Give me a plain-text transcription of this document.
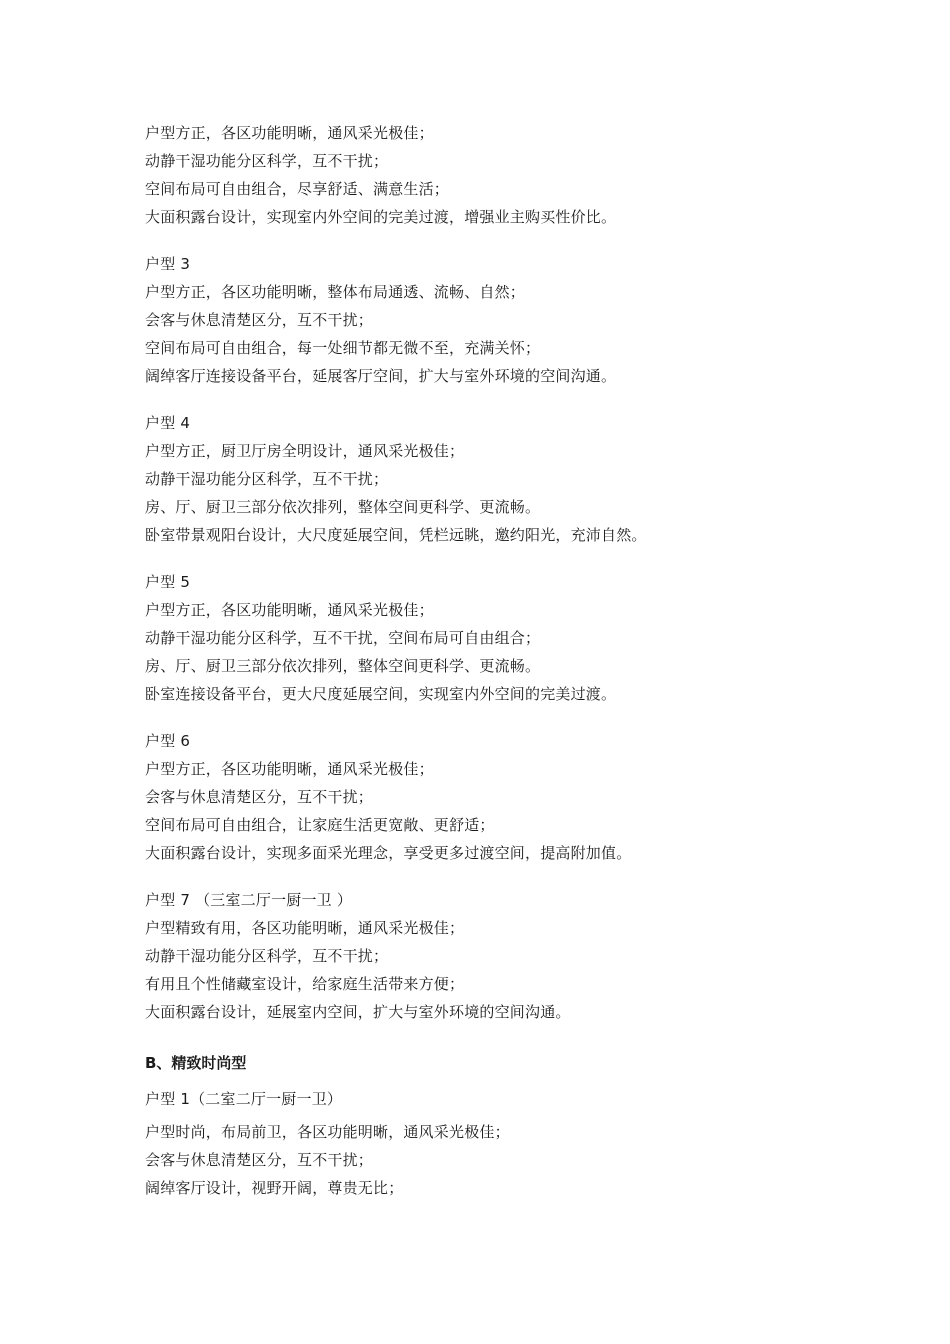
户型方正，各区功能明晰，通风采光极佳；
动静干湿功能分区科学，互不干扰；
空间布局可自由组合，尽享舒适、满意生活；
大面积露台设计，实现室内外空间的完美过渡，增强业主购买性价比。
户型 3
户型方正，各区功能明晰，整体布局通透、流畅、自然；
会客与休息清楚区分，互不干扰；
空间布局可自由组合，每一处细节都无微不至，充满关怀；
阔绰客厅连接设备平台，延展客厅空间，扩大与室外环境的空间沟通。
户型 4
户型方正，厨卫厅房全明设计，通风采光极佳；
动静干湿功能分区科学，互不干扰；
房、厅、厨卫三部分依次排列，整体空间更科学、更流畅。
卧室带景观阳台设计，大尺度延展空间，凭栏远眺，邀约阳光，充沛自然。
户型 5
户型方正，各区功能明晰，通风采光极佳；
动静干湿功能分区科学，互不干扰，空间布局可自由组合；
房、厅、厨卫三部分依次排列，整体空间更科学、更流畅。
卧室连接设备平台，更大尺度延展空间，实现室内外空间的完美过渡。
户型 6
户型方正，各区功能明晰，通风采光极佳；
会客与休息清楚区分，互不干扰；
空间布局可自由组合，让家庭生活更宽敞、更舒适；
大面积露台设计，实现多面采光理念，享受更多过渡空间，提高附加值。
户型 7 （三室二厅一厨一卫 ）
户型精致有用，各区功能明晰，通风采光极佳；
动静干湿功能分区科学，互不干扰；
有用且个性储藏室设计，给家庭生活带来方便；
大面积露台设计，延展室内空间，扩大与室外环境的空间沟通。
B、精致时尚型
户型 1（二室二厅一厨一卫）
户型时尚，布局前卫，各区功能明晰，通风采光极佳；
会客与休息清楚区分，互不干扰；
阔绰客厅设计，视野开阔，尊贵无比；
